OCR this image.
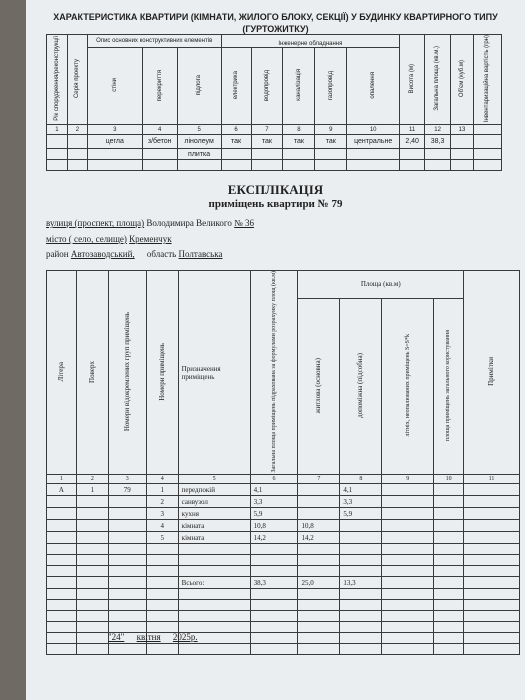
ХАРАКТЕРИСТИКА КВАРТИРИ (КІМНАТИ, ЖИЛОГО БЛОКУ, СЕКЦІЇ) У БУДИНКУ КВАРТИРНОГО ТИПУ
(ГУРТОЖИТКУ)
Рік спорудження/реконструкції	Серія проекту	Опис основних конструктивних елементів			Інженерне обладнання					Висота (м)	Загальна площа (кв.м.)	Об'єм (куб.м)	Інвентаризаційна вартість (грн)
		стіни	перекриття	підлога	електрика	водопровід	каналізація	газопровід	опалення				
1	2	3	4	5	6	7	8	9	10	11	12	13	
		цегла	з/бетон	лінолеум	так	так	так	так	центральне	2,40	38,3		
				плитка									

ЕКСПЛІКАЦІЯ
приміщень квартири № 79
вулиця (проспект, площа) Володимира Великого № 36
місто ( село, селище) Кременчук
район Автозаводський, область Полтавська
Літера	Поверх	Номери відокремлених груп приміщень	Номери приміщень	Призначення приміщень	Загальна площа приміщень підрахована за формулами розрахунку площ (кв.м)	Площа (кв.м)				Примітки
						житлова (основна)	допоміжна (підсобна)	літніх, неопалюваних приміщень S=S*k	площа приміщень загального користування	
1	2	3	4	5	6	7	8	9	10	11
А	1	79	1	передпокій	4,1		4,1			
			2	санвузол	3,3		3,3			
			3	кухня	5,9		5,9			
			4	кімната	10,8	10,8				
			5	кімната	14,2	14,2				

				Всього:	38,3	25,0	13,3			

"24" квітня 2025р.
